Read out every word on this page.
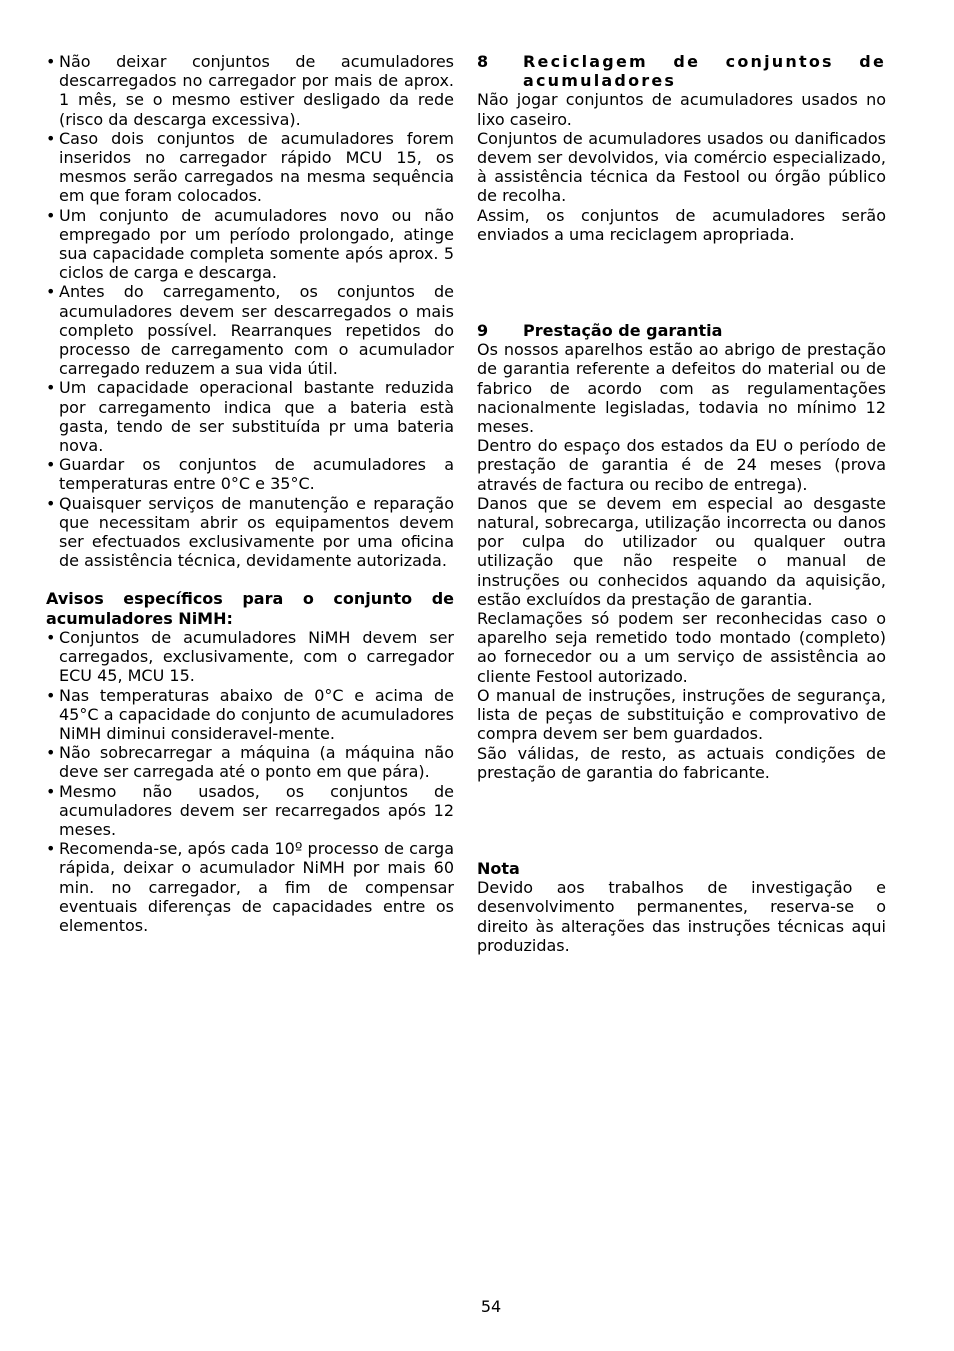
• Não deixar conjuntos de acumuladores descarregados no carregador por mais de aprox. 1 mês, se o mesmo estiver desligado da rede (risco da descarga excessiva).
• Caso dois conjuntos de acumuladores forem inseridos no carregador rápido MCU 15, os mesmos serão carregados na mesma sequência em que foram colocados.
• Um conjunto de acumuladores novo ou não empregado por um período prolongado, atinge sua capacidade completa somente após aprox. 5 ciclos de carga e descarga.
• Antes do carregamento, os conjuntos de acumuladores devem ser descarregados o mais completo possível. Rearranques repetidos do processo de carregamento com o acumulador carregado reduzem a sua vida útil.
• Um capacidade operacional bastante reduzida por carregamento indica que a bateria està gasta, tendo de ser substituída pr uma bateria nova.
• Guardar os conjuntos de acumuladores a temperaturas entre 0°C e 35°C.
• Quaisquer serviços de manutenção e reparação que necessitam abrir os equipamentos devem ser efectuados exclusivamente por uma oficina de assistência técnica, devidamente autorizada.

Avisos específicos para o conjunto de acumuladores NiMH:

• Conjuntos de acumuladores NiMH devem ser carregados, exclusivamente, com o carregador ECU 45, MCU 15.
• Nas temperaturas abaixo de 0°C e acima de 45°C a capacidade do conjunto de acumuladores NiMH diminui consideravel-mente.
• Não sobrecarregar a máquina (a máquina não deve ser carregada até o ponto em que pára).
• Mesmo não usados, os conjuntos de acumuladores devem ser recarregados após 12 meses.
• Recomenda-se, após cada 10º processo de carga rápida, deixar o acumulador NiMH por mais 60 min. no carregador, a fim de compensar eventuais diferenças de capacidades entre os elementos.
8	Reciclagem de conjuntos de acumuladores

Não jogar conjuntos de acumuladores usados no lixo caseiro.

Conjuntos de acumuladores usados ou danificados devem ser devolvidos, via comércio especializado, à assistência técnica da Festool ou órgão público de recolha.

Assim, os conjuntos de acumuladores serão enviados a uma reciclagem apropriada.

9	Prestação de garantia

Os nossos aparelhos estão ao abrigo de prestação de garantia referente a defeitos do material ou de fabrico de acordo com as regulamentações nacionalmente legisladas, todavia no mínimo 12 meses.

Dentro do espaço dos estados da EU o período de prestação de garantia é de 24 meses (prova através de factura ou recibo de entrega).

Danos que se devem em especial ao desgaste natural, sobrecarga, utilização incorrecta ou danos por culpa do utilizador ou qualquer outra utilização que não respeite o manual de instruções ou conhecidos aquando da aquisição, estão excluídos da prestação de garantia.

Reclamações só podem ser reconhecidas caso o aparelho seja remetido todo montado (completo) ao fornecedor ou a um serviço de assistência ao cliente Festool autorizado.

O manual de instruções, instruções de segurança, lista de peças de substituição e comprovativo de compra devem ser bem guardados.

São válidas, de resto, as actuais condições de prestação de garantia do fabricante.

Nota

Devido aos trabalhos de investigação e desenvolvimento permanentes, reserva-se o direito às alterações das instruções técnicas aqui produzidas.

54
